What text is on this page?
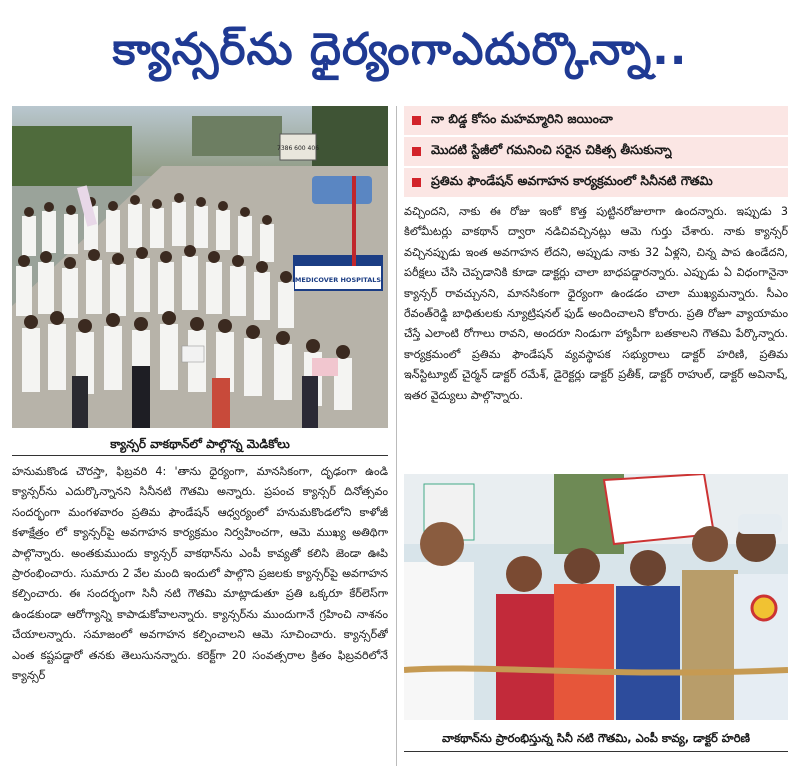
క్యాన్సర్‌ను ధైర్యంగాఎదుర్కొన్నా..
7386 600 406
MEDICOVER HOSPITALS
క్యాన్సర్ వాకథాన్‌లో పాల్గొన్న మెడికోలు
హనుమకొండ చౌరస్తా, ఫిబ్రవరి 4: 'తాను ధైర్యంగా, మానసికంగా, దృఢంగా ఉండి క్యాన్సర్‌ను ఎదుర్కొన్నానని సినీనటి గౌతమి అన్నారు. ప్రపంచ క్యాన్సర్ దినోత్సవం సందర్భంగా మంగళవారం ప్రతిమ ఫౌండేషన్ ఆధ్వర్యంలో హనుమకొండలోని కాళోజీ కళాక్షేత్రం లో క్యాన్సర్‌పై అవగాహన కార్యక్రమం నిర్వహించగా, ఆమె ముఖ్య అతిథిగా పాల్గొన్నారు. అంతకుముందు క్యాన్సర్ వాకథాన్‌ను ఎంపీ కావ్యతో కలిసి జెండా ఊపి ప్రారంభించారు. సుమారు 2 వేల మంది ఇందులో పాల్గొని ప్రజలకు క్యాన్సర్‌పై అవగాహన కల్పించారు. ఈ సందర్భంగా సినీ నటి గౌతమి మాట్లాడుతూ ప్రతి ఒక్కరూ కేర్‌లెస్‌గా ఉండకుండా ఆరోగ్యాన్ని కాపాడుకోవాలన్నారు. క్యాన్సర్‌ను ముందుగానే గ్రహించి నాశనం చేయాలన్నారు. సమాజంలో అవగాహన కల్పించాలని ఆమె సూచించారు. క్యాన్సర్‌తో ఎంత కష్టపడ్డారో తనకు తెలుసునన్నారు. కరెక్ట్‌గా 20 సంవత్సరాల క్రితం ఫిబ్రవరిలోనే క్యాన్సర్
నా బిడ్డ కోసం మహమ్మారిని జయించా
మొదటి స్టేజీలో గమనించి సరైన చికిత్స తీసుకున్నా
ప్రతిమ ఫౌండేషన్ అవగాహన కార్యక్రమంలో సినీనటి గౌతమి
వచ్చిందని, నాకు ఈ రోజు ఇంకో కొత్త పుట్టినరోజులాగా ఉందన్నారు. ఇప్పుడు 3 కిలోమీటర్లు వాకథాన్ ద్వారా నడిచివచ్చినట్లు ఆమె గుర్తు చేశారు. నాకు క్యాన్సర్ వచ్చినప్పుడు ఇంత అవగాహన లేదని, అప్పుడు నాకు 32 ఏళ్లని, చిన్న పాప ఉండేదని, పరీక్షలు చేసి చెప్పడానికి కూడా డాక్టర్లు చాలా బాధపడ్డారన్నారు. ఎప్పుడు ఏ విధంగానైనా క్యాన్సర్ రావచ్చునని, మానసికంగా ధైర్యంగా ఉండడం చాలా ముఖ్యమన్నారు. సీఎం రేవంత్‌రెడ్డి బాధితులకు న్యూట్రిషనల్ ఫుడ్ అందించాలని కోరారు. ప్రతి రోజూ వ్యాయామం చేస్తే ఎలాంటి రోగాలు రావని, అందరూ నిండుగా హ్యాపీగా బతకాలని గౌతమి పేర్కొన్నారు. కార్యక్రమంలో ప్రతిమ ఫౌండేషన్ వ్యవస్థాపక సభ్యురాలు డాక్టర్ హరిణి, ప్రతిమ ఇన్‌స్టిట్యూట్ చైర్మన్ డాక్టర్ రమేశ్, డైరెక్టర్లు డాక్టర్ ప్రతీక్, డాక్టర్ రాహుల్, డాక్టర్ అవినాష్, ఇతర వైద్యులు పాల్గొన్నారు.
వాకథాన్‌ను ప్రారంభిస్తున్న సినీ నటి గౌతమి, ఎంపీ కావ్య, డాక్టర్ హరిణి
